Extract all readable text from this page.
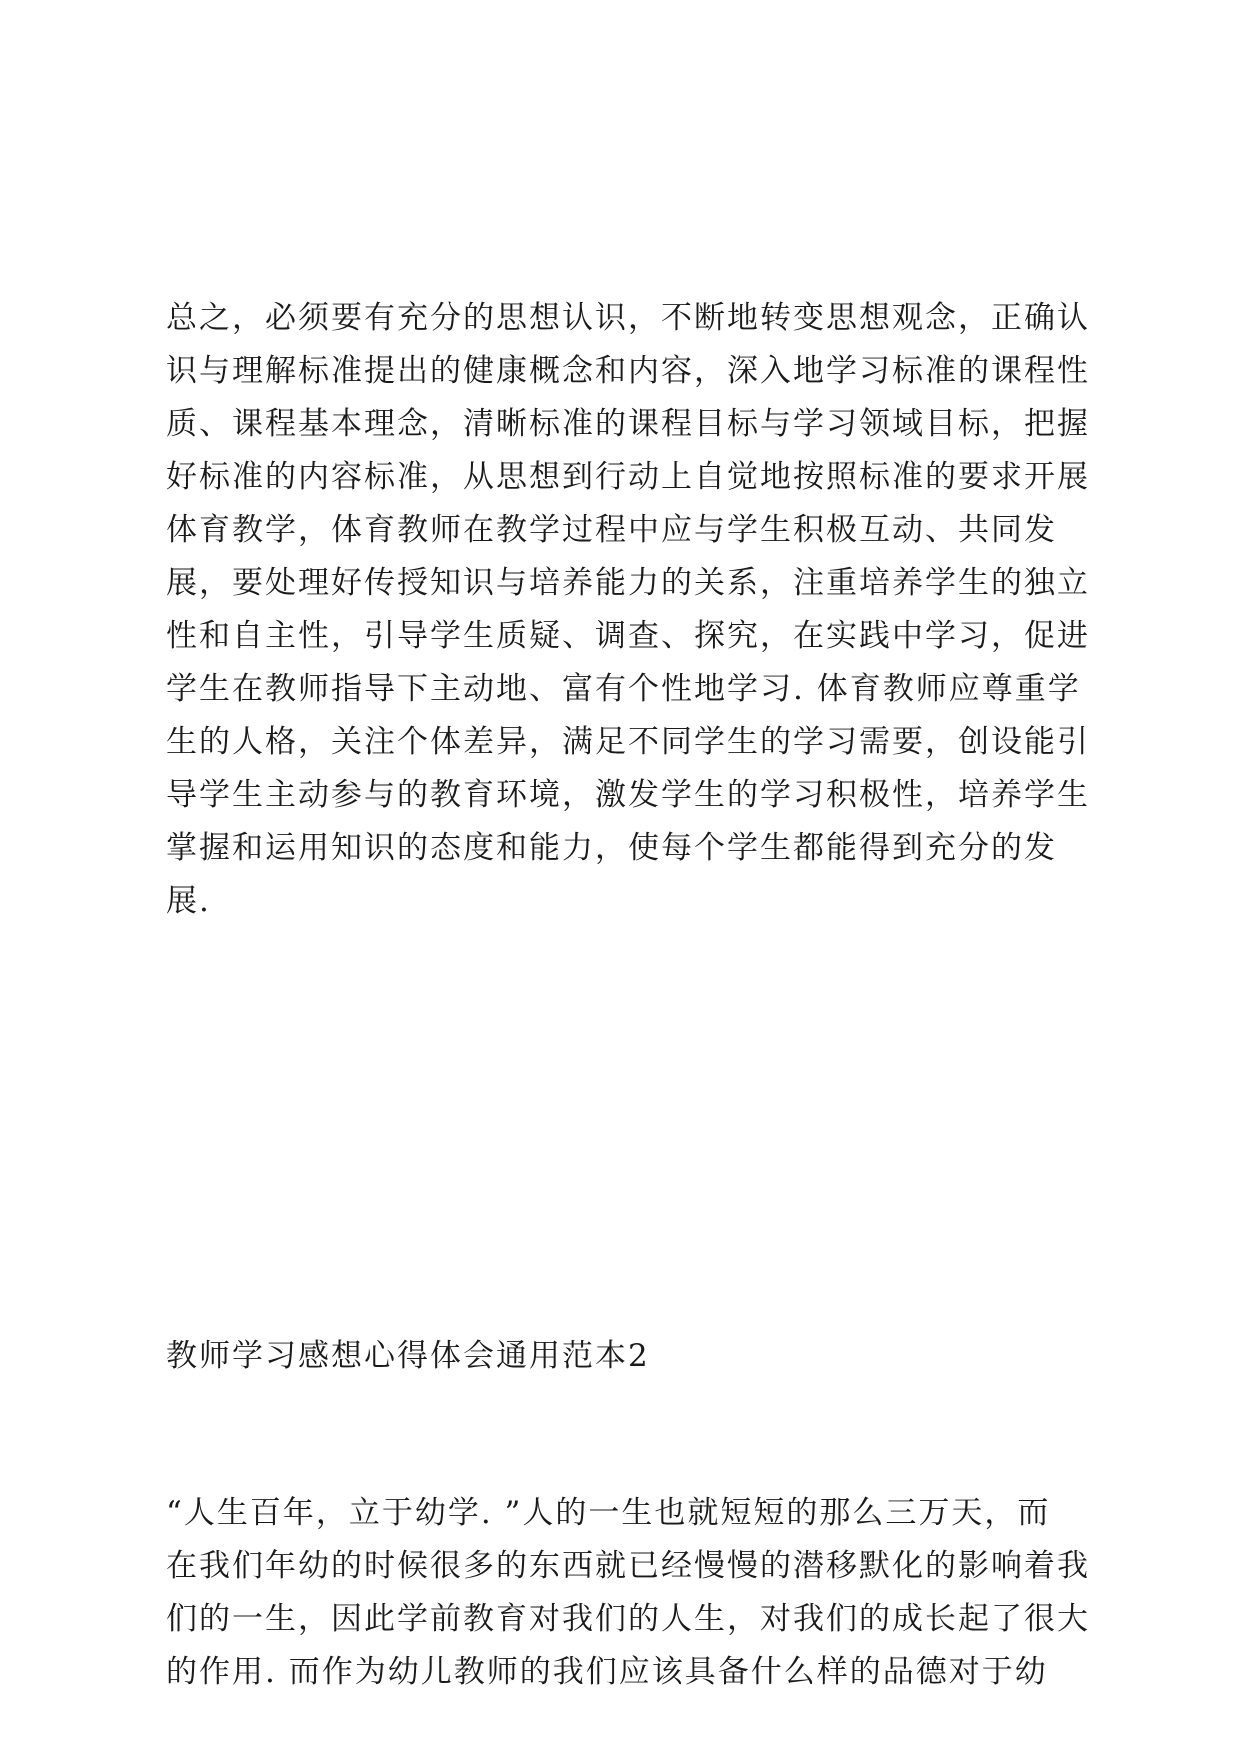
总之，必须要有充分的思想认识，不断地转变思想观念，正确认
识与理解标准提出的健康概念和内容，深入地学习标准的课程性
质、课程基本理念，清晰标准的课程目标与学习领域目标，把握
好标准的内容标准，从思想到行动上自觉地按照标准的要求开展
体育教学，体育教师在教学过程中应与学生积极互动、共同发
展，要处理好传授知识与培养能力的关系，注重培养学生的独立
性和自主性，引导学生质疑、调查、探究，在实践中学习，促进
学生在教师指导下主动地、富有个性地学习. 体育教师应尊重学
生的人格，关注个体差异，满足不同学生的学习需要，创设能引
导学生主动参与的教育环境，激发学生的学习积极性，培养学生
掌握和运用知识的态度和能力，使每个学生都能得到充分的发
展.
教师学习感想心得体会通用范本2
“人生百年，立于幼学. ”人的一生也就短短的那么三万天，而
在我们年幼的时候很多的东西就已经慢慢的潜移默化的影响着我
们的一生，因此学前教育对我们的人生，对我们的成长起了很大
的作用. 而作为幼儿教师的我们应该具备什么样的品德对于幼
